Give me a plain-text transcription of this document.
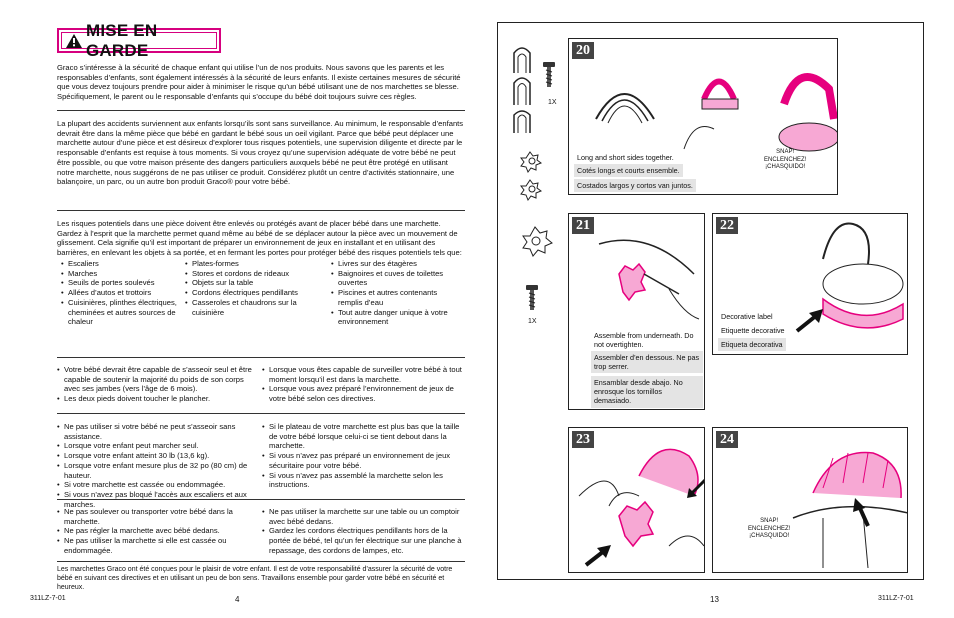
MISE EN GARDE

Graco s’intéresse à la sécurité de chaque enfant qui utilise l’un de nos produits. Nous savons que les parents et les responsables d’enfants, sont également intéressés à la sécurité de leurs enfants. Il existe certaines mesures de sécurité que vous devez toujours prendre pour aider à minimiser le risque qu’un bébé utilisant une de nos marchettes se blesse. Spécifiquement, le parent ou le responsable d’enfants qui s’occupe du bébé doit toujours suivre ces règles.

La plupart des accidents surviennent aux enfants lorsqu’ils sont sans surveillance. Au minimum, le responsable d’enfants devrait être dans la même pièce que bébé en gardant le bébé sous un oeil vigilant. Parce que bébé peut déplacer une marchette autour d’une pièce et est désireux d’explorer tous risques potentiels, une supervision diligente et directe par le responsable d’enfants est requise à tous moments. Si vous croyez qu’une supervision adéquate de votre bébé ne peut être possible, ou que votre maison présente des dangers particuliers auxquels bébé ne peut être protégé en utilisant notre marchette, nous suggérons de ne pas utiliser ce produit. Considérez plutôt un centre d’activités stationnaire, une balançoire, un parc, ou un autre bon produit Graco® pour votre bébé.

Les risques potentiels dans une pièce doivent être enlevés ou protégés avant de placer bébé dans une marchette. Gardez à l’esprit que la marchette permet quand même au bébé de se déplacer autour la pièce avec un mouvement de glissement. Cela signifie qu’il est important de préparer un environnement de jeux en installant et en utilisant des barrières, en enlevant les objets à sa portée, et en fermant les portes pour protéger bébé des risques potentiels tels que:

• Escaliers
• Marches
• Seuils de portes soulevés
• Allées d’autos et trottoirs
• Cuisinières, plinthes électriques, cheminées et autres sources de chaleur
• Plates-formes
• Stores et cordons de rideaux
• Objets sur la table
• Cordons électriques pendillants
• Casseroles et chaudrons sur la cuisinière
• Livres sur des étagères
• Baignoires et cuves de toilettes ouvertes
• Piscines et autres contenants remplis d’eau
• Tout autre danger unique à votre environnement
• Votre bébé devrait être capable de s’asseoir seul et être capable de soutenir la majorité du poids de son corps avec ses jambes (vers l’âge de 6 mois).
• Les deux pieds doivent toucher le plancher.
• Lorsque vous êtes capable de surveiller votre bébé à tout moment lorsqu’il est dans la marchette.
• Lorsque vous avez préparé l’environnement de jeux de votre bébé selon ces directives.
• Ne pas utiliser si votre bébé ne peut s’asseoir sans assistance.
• Lorsque votre enfant peut marcher seul.
• Lorsque votre enfant atteint 30 lb (13,6 kg).
• Lorsque votre enfant mesure plus de 32 po (80 cm) de hauteur.
• Si votre marchette est cassée ou endommagée.
• Si vous n’avez pas bloqué l’accès aux escaliers et aux marches.
• Si le plateau de votre marchette est plus bas que la taille de votre bébé lorsque celui-ci se tient debout dans la marchette.
• Si vous n’avez pas préparé un environnement de jeux sécuritaire pour votre bébé.
• Si vous n’avez pas assemblé la marchette selon les instructions.
• Ne pas soulever ou transporter votre bébé dans la marchette.
• Ne pas régler la marchette avec bébé dedans.
• Ne pas utiliser la marchette si elle est cassée ou endommagée.
• Ne pas utiliser la marchette sur une table ou un comptoir avec bébé dedans.
• Gardez les cordons électriques pendillants hors de la portée de bébé, tel qu’un fer électrique sur une planche à repassage, des cordons de lampes, etc.

Les marchettes Graco ont été conçues pour le plaisir de votre enfant. Il est de votre responsabilité d’assurer la sécurité de votre bébé en suivant ces directives et en utilisant un peu de bon sens. Travaillons ensemble pour garder votre bébé en sécurité et heureux.

311LZ-7-01	4
1X
20
Long and short sides together.
Cotés longs et courts ensemble.
Costados largos y cortos van juntos.
SNAP!
ENCLENCHEZ!
¡CHASQUIDO!
1X
21
Assemble from underneath. Do not overtighten.
Assembler d’en dessous. Ne pas trop serrer.
Ensamblar desde abajo. No enrosque los tornillos demasiado.
22
Decorative label
Etiquette decorative
Etiqueta decorativa
23	24
SNAP!
ENCLENCHEZ!
¡CHASQUIDO!
13	311LZ-7-01
